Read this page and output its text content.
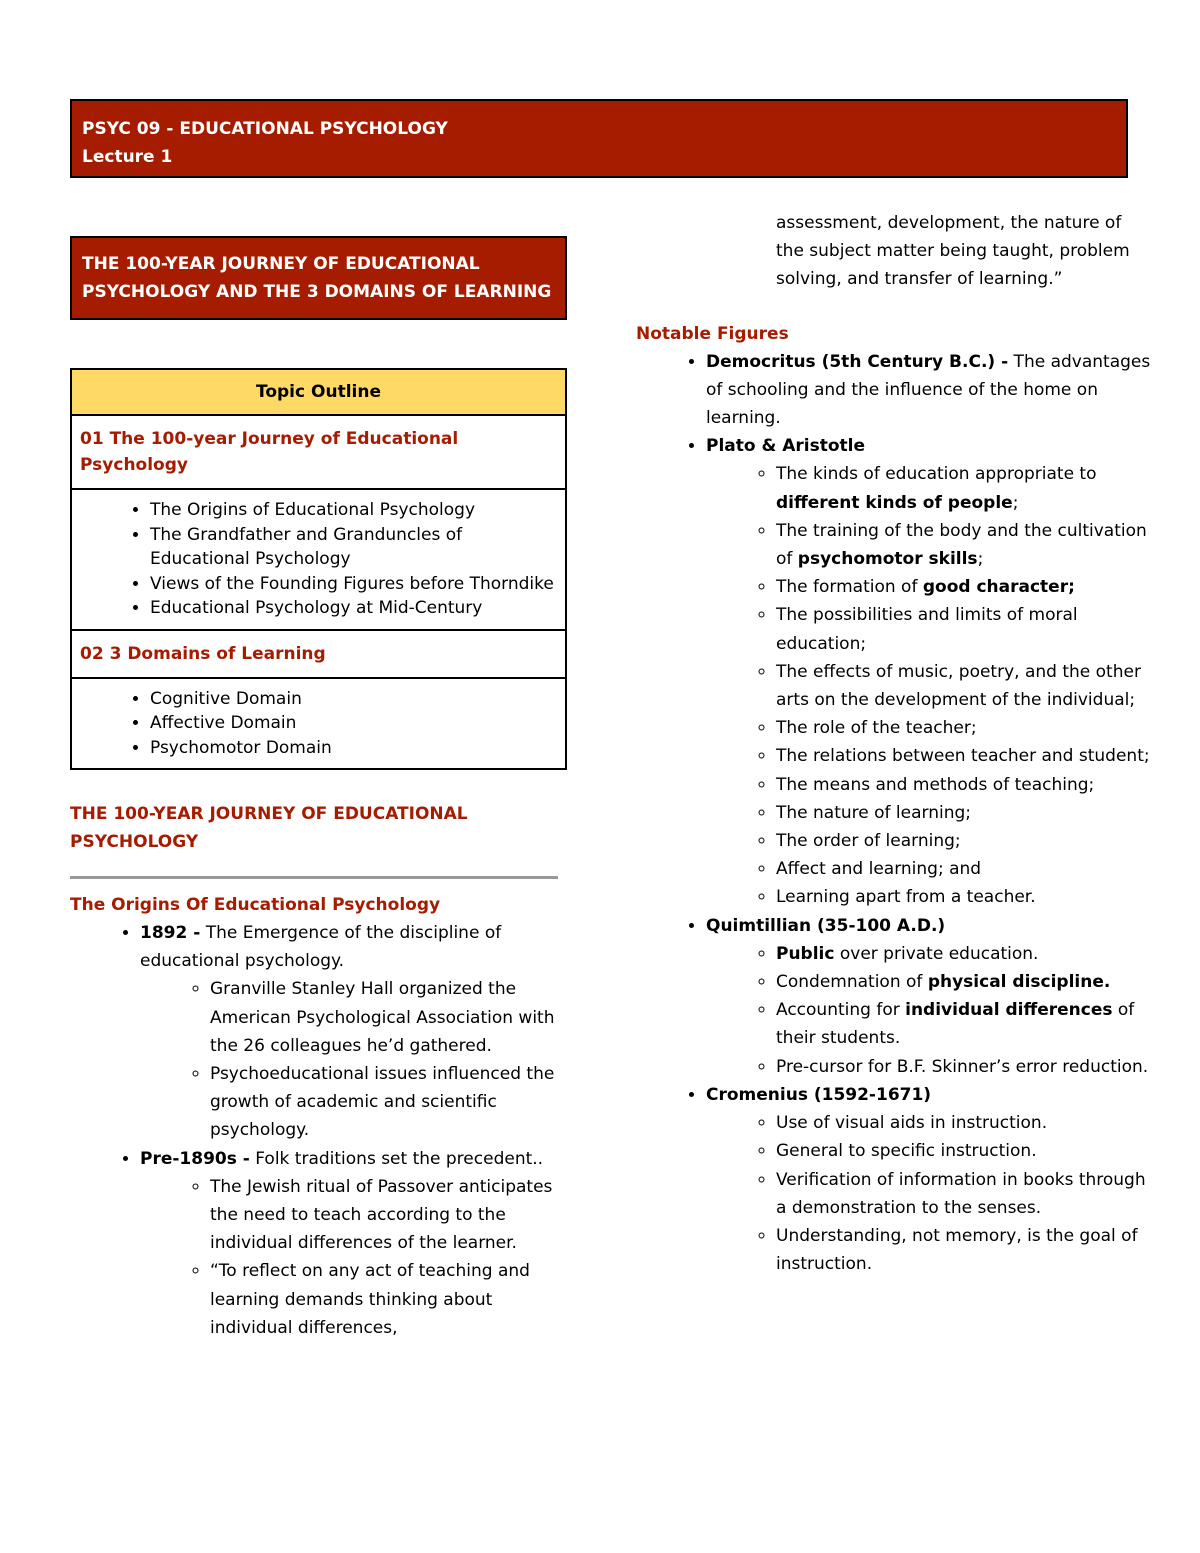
PSYC 09 - EDUCATIONAL PSYCHOLOGY
Lecture 1
THE 100-YEAR JOURNEY OF EDUCATIONAL PSYCHOLOGY AND THE 3 DOMAINS OF LEARNING
Topic Outline
01 The 100-year Journey of Educational Psychology

• The Origins of Educational Psychology
• The Grandfather and Granduncles of Educational Psychology
• Views of the Founding Figures before Thorndike
• Educational Psychology at Mid-Century

02 3 Domains of Learning

• Cognitive Domain
• Affective Domain
• Psychomotor Domain
THE 100-YEAR JOURNEY OF EDUCATIONAL PSYCHOLOGY
The Origins Of Educational Psychology
• 1892 - The Emergence of the discipline of educational psychology.
◦ Granville Stanley Hall organized the American Psychological Association with the 26 colleagues he’d gathered.
◦ Psychoeducational issues influenced the growth of academic and scientific psychology.
• Pre-1890s - Folk traditions set the precedent..
◦ The Jewish ritual of Passover anticipates the need to teach according to the individual differences of the learner.
◦ “To reflect on any act of teaching and learning demands thinking about individual differences,
assessment, development, the nature of the subject matter being taught, problem solving, and transfer of learning.”
Notable Figures
• Democritus (5th Century B.C.) - The advantages of schooling and the influence of the home on learning.
• Plato & Aristotle
◦ The kinds of education appropriate to different kinds of people;
◦ The training of the body and the cultivation of psychomotor skills;
◦ The formation of good character;
◦ The possibilities and limits of moral education;
◦ The effects of music, poetry, and the other arts on the development of the individual;
◦ The role of the teacher;
◦ The relations between teacher and student;
◦ The means and methods of teaching;
◦ The nature of learning;
◦ The order of learning;
◦ Affect and learning; and
◦ Learning apart from a teacher.
• Quimtillian (35-100 A.D.)
◦ Public over private education.
◦ Condemnation of physical discipline.
◦ Accounting for individual differences of their students.
◦ Pre-cursor for B.F. Skinner’s error reduction.
• Cromenius (1592-1671)
◦ Use of visual aids in instruction.
◦ General to specific instruction.
◦ Verification of information in books through a demonstration to the senses.
◦ Understanding, not memory, is the goal of instruction.
